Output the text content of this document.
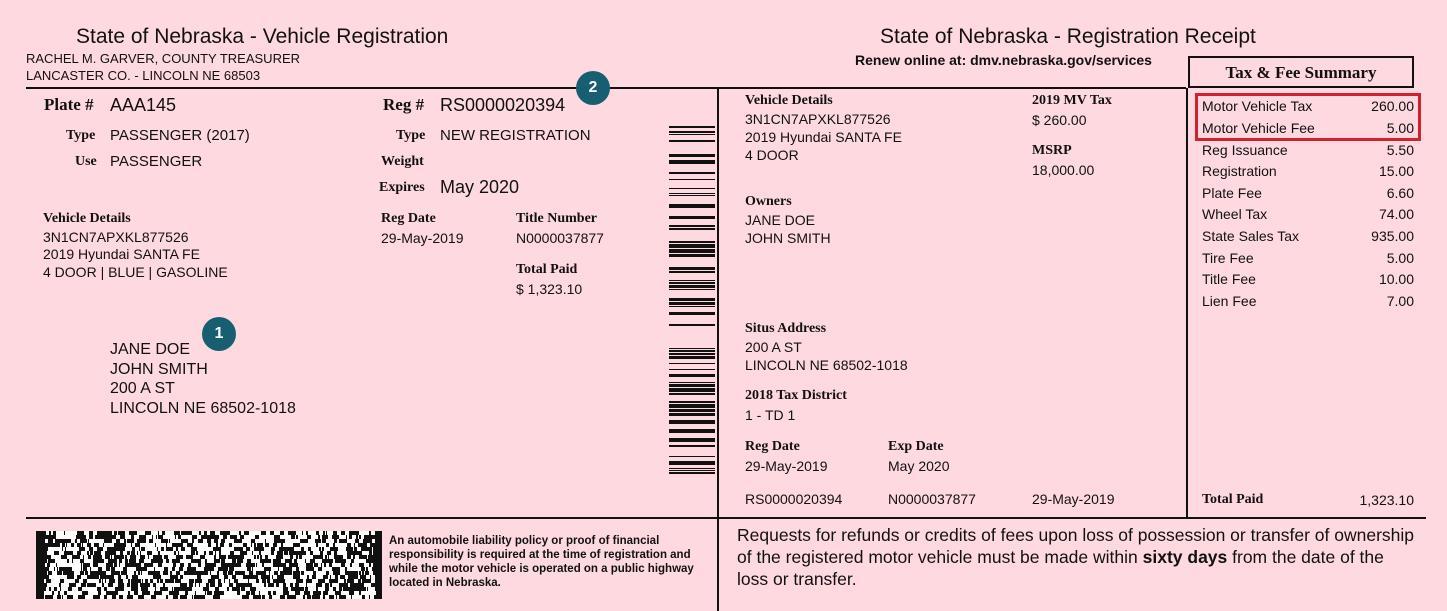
State of Nebraska - Vehicle Registration
RACHEL M. GARVER, COUNTY TREASURER
LANCASTER CO. - LINCOLN NE 68503
State of Nebraska - Registration Receipt
Renew online at: dmv.nebraska.gov/services
Tax & Fee Summary
Plate # AAA145
Type PASSENGER (2017)
Use PASSENGER
Reg # RS0000020394
2
Type NEW REGISTRATION
Weight
Expires May 2020
Vehicle Details
3N1CN7APXKL877526
2019 Hyundai SANTA FE
4 DOOR | BLUE | GASOLINE
Reg Date
29-May-2019
Title Number
N0000037877
Total Paid
$ 1,323.10
1
JANE DOE
JOHN SMITH
200 A ST
LINCOLN NE 68502-1018
Vehicle Details
3N1CN7APXKL877526
2019 Hyundai SANTA FE
4 DOOR
2019 MV Tax
$ 260.00
MSRP
18,000.00
Owners
JANE DOE
JOHN SMITH
Situs Address
200 A ST
LINCOLN NE 68502-1018
2018 Tax District
1 - TD 1
Reg Date
29-May-2019
Exp Date
May 2020
RS0000020394	N0000037877	29-May-2019
Motor Vehicle Tax	260.00
Motor Vehicle Fee	5.00
Reg Issuance	5.50
Registration	15.00
Plate Fee	6.60
Wheel Tax	74.00
State Sales Tax	935.00
Tire Fee	5.00
Title Fee	10.00
Lien Fee	7.00
Total Paid	1,323.10
An automobile liability policy or proof of financial responsibility is required at the time of registration and while the motor vehicle is operated on a public highway located in Nebraska.
Requests for refunds or credits of fees upon loss of possession or transfer of ownership of the registered motor vehicle must be made within sixty days from the date of the loss or transfer.
